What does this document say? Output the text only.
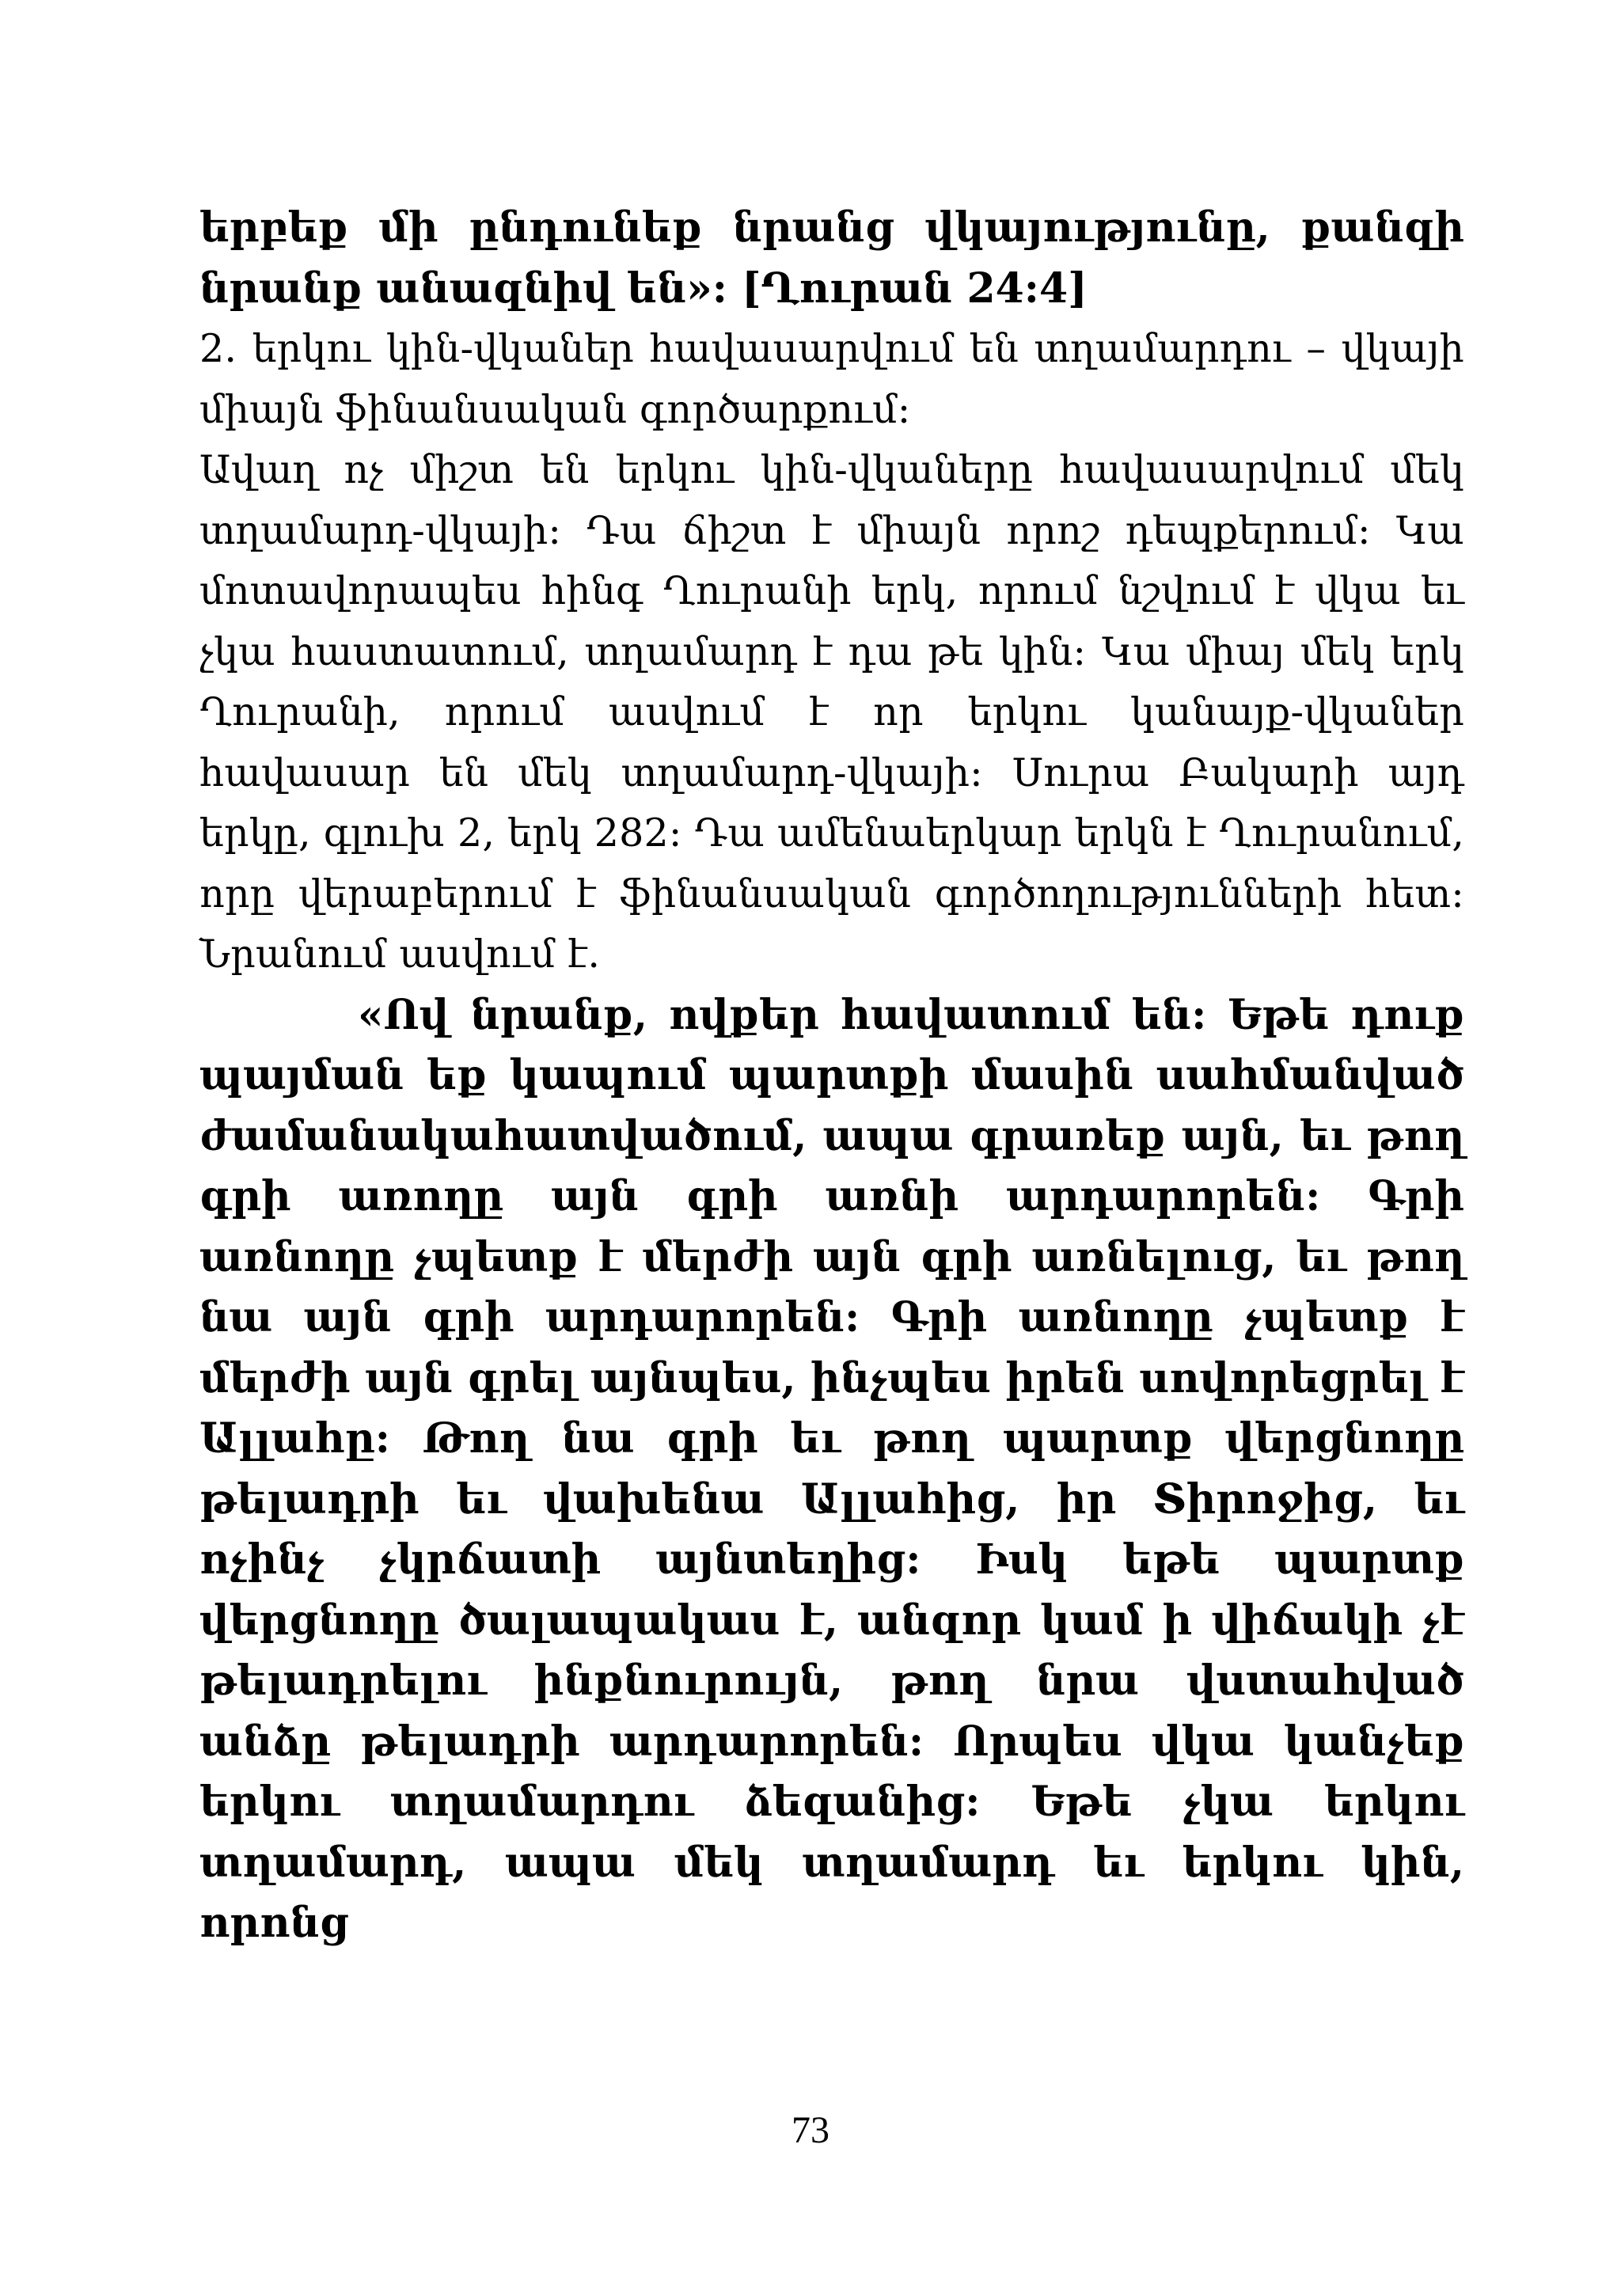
երբեք մի ընդունեք նրանց վկայությունը, քանզի նրանք անազնիվ են»: [Ղուրան 24:4]

2. երկու կին-վկաներ հավասարվում են տղամարդու – վկայի միայն ֆինանսական գործարքում:

Ավաղ ոչ միշտ են երկու կին-վկաները հավասարվում մեկ տղամարդ-վկայի: Դա ճիշտ է միայն որոշ դեպքերում: Կա մոտավորապես հինգ Ղուրանի երկ, որում նշվում է վկա եւ չկա հաստատում, տղամարդ է դա թե կին: Կա միայ մեկ երկ Ղուրանի, որում ասվում է որ երկու կանայք-վկաներ հավասար են մեկ տղամարդ-վկայի: Սուրա Բակարի այդ երկը, գլուխ 2, երկ 282: Դա ամենաերկար երկն է Ղուրանում, որը վերաբերում է ֆինանսական գործողությունների հետ: Նրանում ասվում է.

«Ով նրանք, ովքեր հավատում են: Եթե դուք պայման եք կապում պարտքի մասին սահմանված ժամանակահատվածում, ապա գրառեք այն, եւ թող գրի առողը այն գրի առնի արդարորեն: Գրի առնողը չպետք է մերժի այն գրի առնելուց, եւ թող նա այն գրի արդարորեն: Գրի առնողը չպետք է մերժի այն գրել այնպես, ինչպես իրեն սովորեցրել է Ալլահը: Թող նա գրի եւ թող պարտք վերցնողը թելադրի եւ վախենա Ալլահից, իր Տիրոջից, եւ ոչինչ չկրճատի այնտեղից: Իսկ եթե պարտք վերցնողը ծալապակաս է, անզոր կամ ի վիճակի չէ թելադրելու ինքնուրույն, թող նրա վստահված անձը թելադրի արդարորեն: Որպես վկա կանչեք երկու տղամարդու ձեզանից: Եթե չկա երկու տղամարդ, ապա մեկ տղամարդ եւ երկու կին, որոնց

73
